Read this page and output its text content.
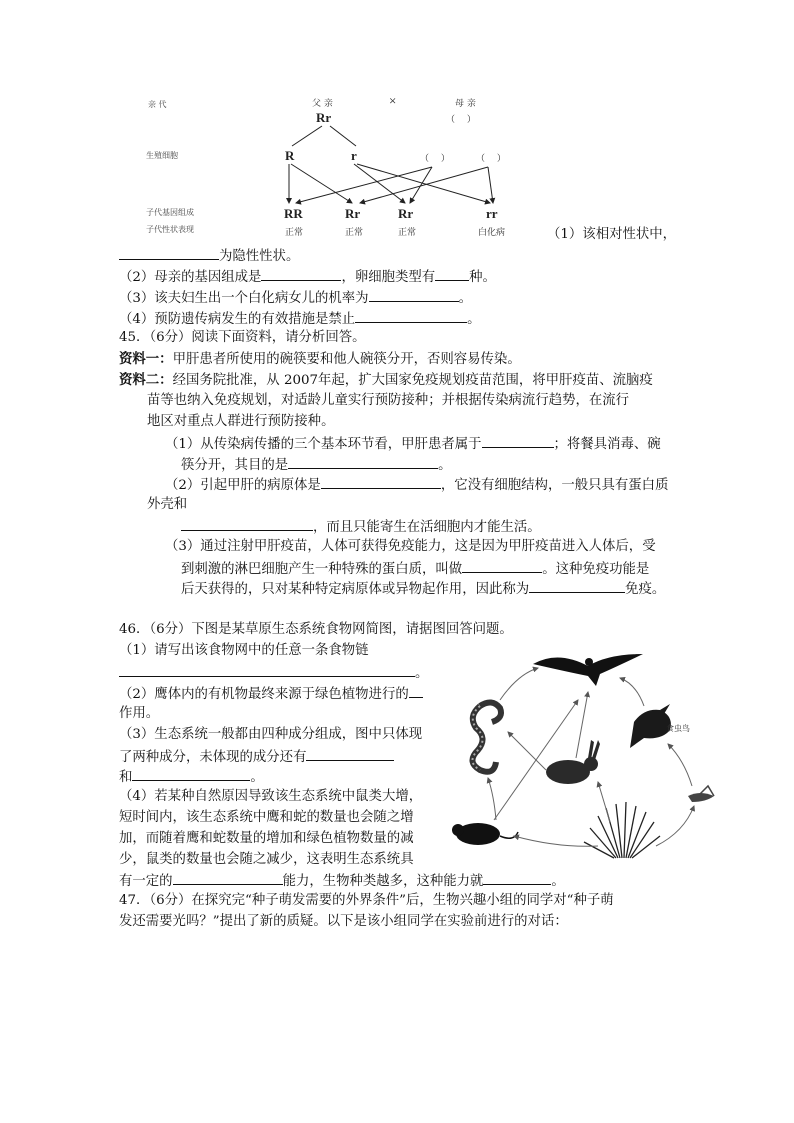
亲 代
生殖细胞
子代基因组成
子代性状表现
父 亲	×	母 亲
Rr	（　 ）
R	r	（　 ）	（　 ）
RR	Rr	Rr	rr
正常	正常	正常	白化病	（1）该相对性状中，
为隐性性状。
（2）母亲的基因组成是	，卵细胞类型有	种。
（3）该夫妇生出一个白化病女儿的机率为	。
（4）预防遗传病发生的有效措施是禁止	。
45．（6分）阅读下面资料，请分析回答。
资料一：甲肝患者所使用的碗筷要和他人碗筷分开，否则容易传染。
资料二：经国务院批准，从 2007年起，扩大国家免疫规划疫苗范围，将甲肝疫苗、流脑疫
苗等也纳入免疫规划，对适龄儿童实行预防接种；并根据传染病流行趋势，在流行
地区对重点人群进行预防接种。
（1）从传染病传播的三个基本环节看，甲肝患者属于	；将餐具消毒、碗
筷分开，其目的是	。
（2）引起甲肝的病原体是	，它没有细胞结构，一般只具有蛋白质
外壳和
，而且只能寄生在活细胞内才能生活。
（3）通过注射甲肝疫苗，人体可获得免疫能力，这是因为甲肝疫苗进入人体后，受
到刺激的淋巴细胞产生一种特殊的蛋白质，叫做	。这种免疫功能是
后天获得的，只对某种特定病原体或异物起作用，因此称为	免疫。
46．（6分）下图是某草原生态系统食物网简图，请据图回答问题。
（1）请写出该食物网中的任意一条食物链
。
（2）鹰体内的有机物最终来源于绿色植物进行的
作用。
（3）生态系统一般都由四种成分组成，图中只体现
了两种成分，未体现的成分还有
和	。
（4）若某种自然原因导致该生态系统中鼠类大增，
短时间内，该生态系统中鹰和蛇的数量也会随之增
加，而随着鹰和蛇数量的增加和绿色植物数量的减
少，鼠类的数量也会随之减少，这表明生态系统具
有一定的	能力，生物种类越多，这种能力就	。
食虫鸟
47．（6分）在探究完“种子萌发需要的外界条件”后，生物兴趣小组的同学对“种子萌
发还需要光吗？”提出了新的质疑。以下是该小组同学在实验前进行的对话：
